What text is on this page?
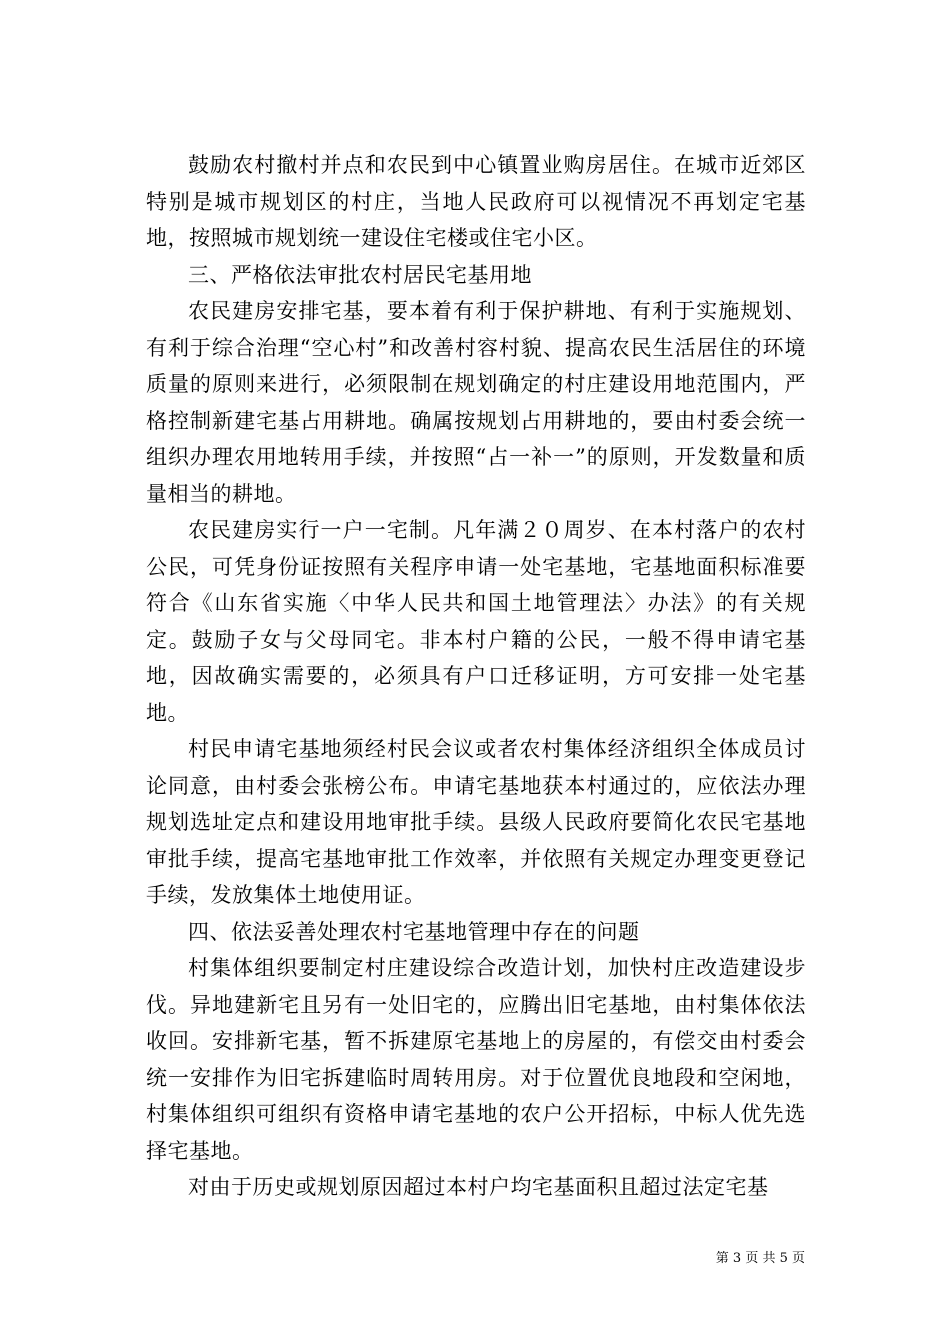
鼓励农村撤村并点和农民到中心镇置业购房居住。在城市近郊区特别是城市规划区的村庄，当地人民政府可以视情况不再划定宅基地，按照城市规划统一建设住宅楼或住宅小区。

三、严格依法审批农村居民宅基用地

农民建房安排宅基，要本着有利于保护耕地、有利于实施规划、有利于综合治理“空心村”和改善村容村貌、提高农民生活居住的环境质量的原则来进行，必须限制在规划确定的村庄建设用地范围内，严格控制新建宅基占用耕地。确属按规划占用耕地的，要由村委会统一组织办理农用地转用手续，并按照“占一补一”的原则，开发数量和质量相当的耕地。

农民建房实行一户一宅制。凡年满２０周岁、在本村落户的农村公民，可凭身份证按照有关程序申请一处宅基地，宅基地面积标准要符合《山东省实施〈中华人民共和国土地管理法〉办法》的有关规定。鼓励子女与父母同宅。非本村户籍的公民，一般不得申请宅基地，因故确实需要的，必须具有户口迁移证明，方可安排一处宅基地。

村民申请宅基地须经村民会议或者农村集体经济组织全体成员讨论同意，由村委会张榜公布。申请宅基地获本村通过的，应依法办理规划选址定点和建设用地审批手续。县级人民政府要简化农民宅基地审批手续，提高宅基地审批工作效率，并依照有关规定办理变更登记手续，发放集体土地使用证。

四、依法妥善处理农村宅基地管理中存在的问题

村集体组织要制定村庄建设综合改造计划，加快村庄改造建设步伐。异地建新宅且另有一处旧宅的，应腾出旧宅基地，由村集体依法收回。安排新宅基，暂不拆建原宅基地上的房屋的，有偿交由村委会统一安排作为旧宅拆建临时周转用房。对于位置优良地段和空闲地，村集体组织可组织有资格申请宅基地的农户公开招标，中标人优先选择宅基地。

对由于历史或规划原因超过本村户均宅基面积且超过法定宅基

第 3 页 共 5 页
